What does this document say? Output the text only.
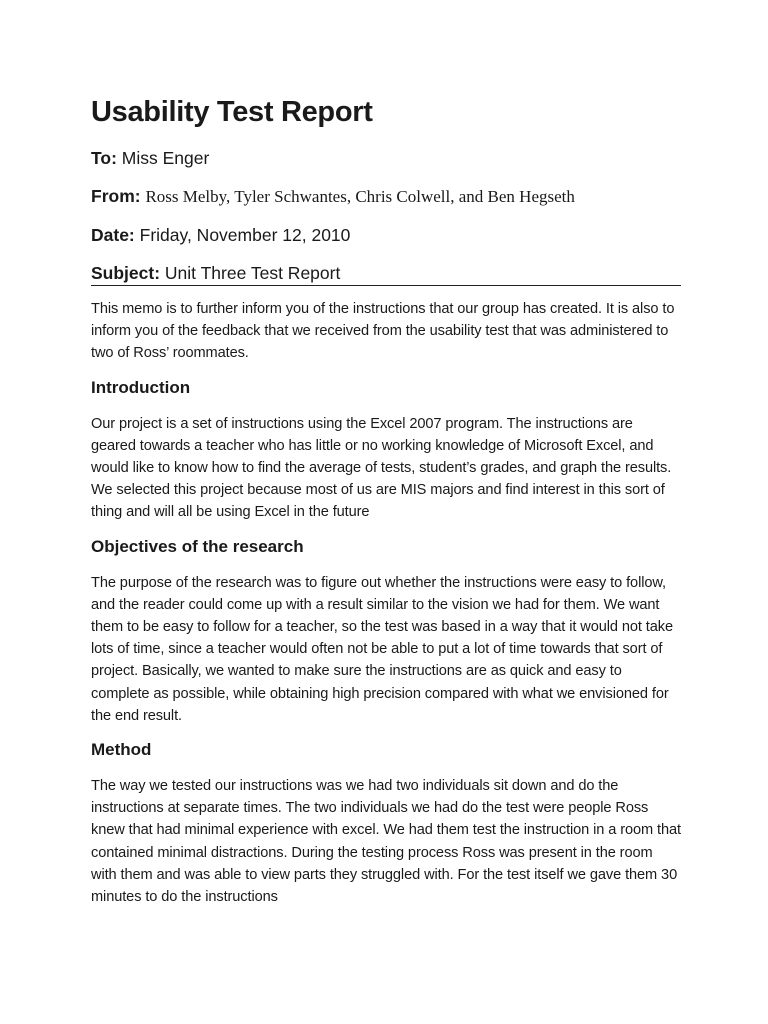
Usability Test Report
To: Miss Enger
From: Ross Melby, Tyler Schwantes, Chris Colwell, and Ben Hegseth
Date: Friday, November 12, 2010
Subject: Unit Three Test Report

This memo is to further inform you of the instructions that our group has created. It is also to inform you of the feedback that we received from the usability test that was administered to two of Ross’ roommates.

Introduction

Our project is a set of instructions using the Excel 2007 program. The instructions are geared towards a teacher who has little or no working knowledge of Microsoft Excel, and would like to know how to find the average of tests, student’s grades, and graph the results. We selected this project because most of us are MIS majors and find interest in this sort of thing and will all be using Excel in the future

Objectives of the research

The purpose of the research was to figure out whether the instructions were easy to follow, and the reader could come up with a result similar to the vision we had for them. We want them to be easy to follow for a teacher, so the test was based in a way that it would not take lots of time, since a teacher would often not be able to put a lot of time towards that sort of project. Basically, we wanted to make sure the instructions are as quick and easy to complete as possible, while obtaining high precision compared with what we envisioned for the end result.

Method

The way we tested our instructions was we had two individuals sit down and do the instructions at separate times. The two individuals we had do the test were people Ross knew that had minimal experience with excel. We had them test the instruction in a room that contained minimal distractions. During the testing process Ross was present in the room with them and was able to view parts they struggled with. For the test itself we gave them 30 minutes to do the instructions
